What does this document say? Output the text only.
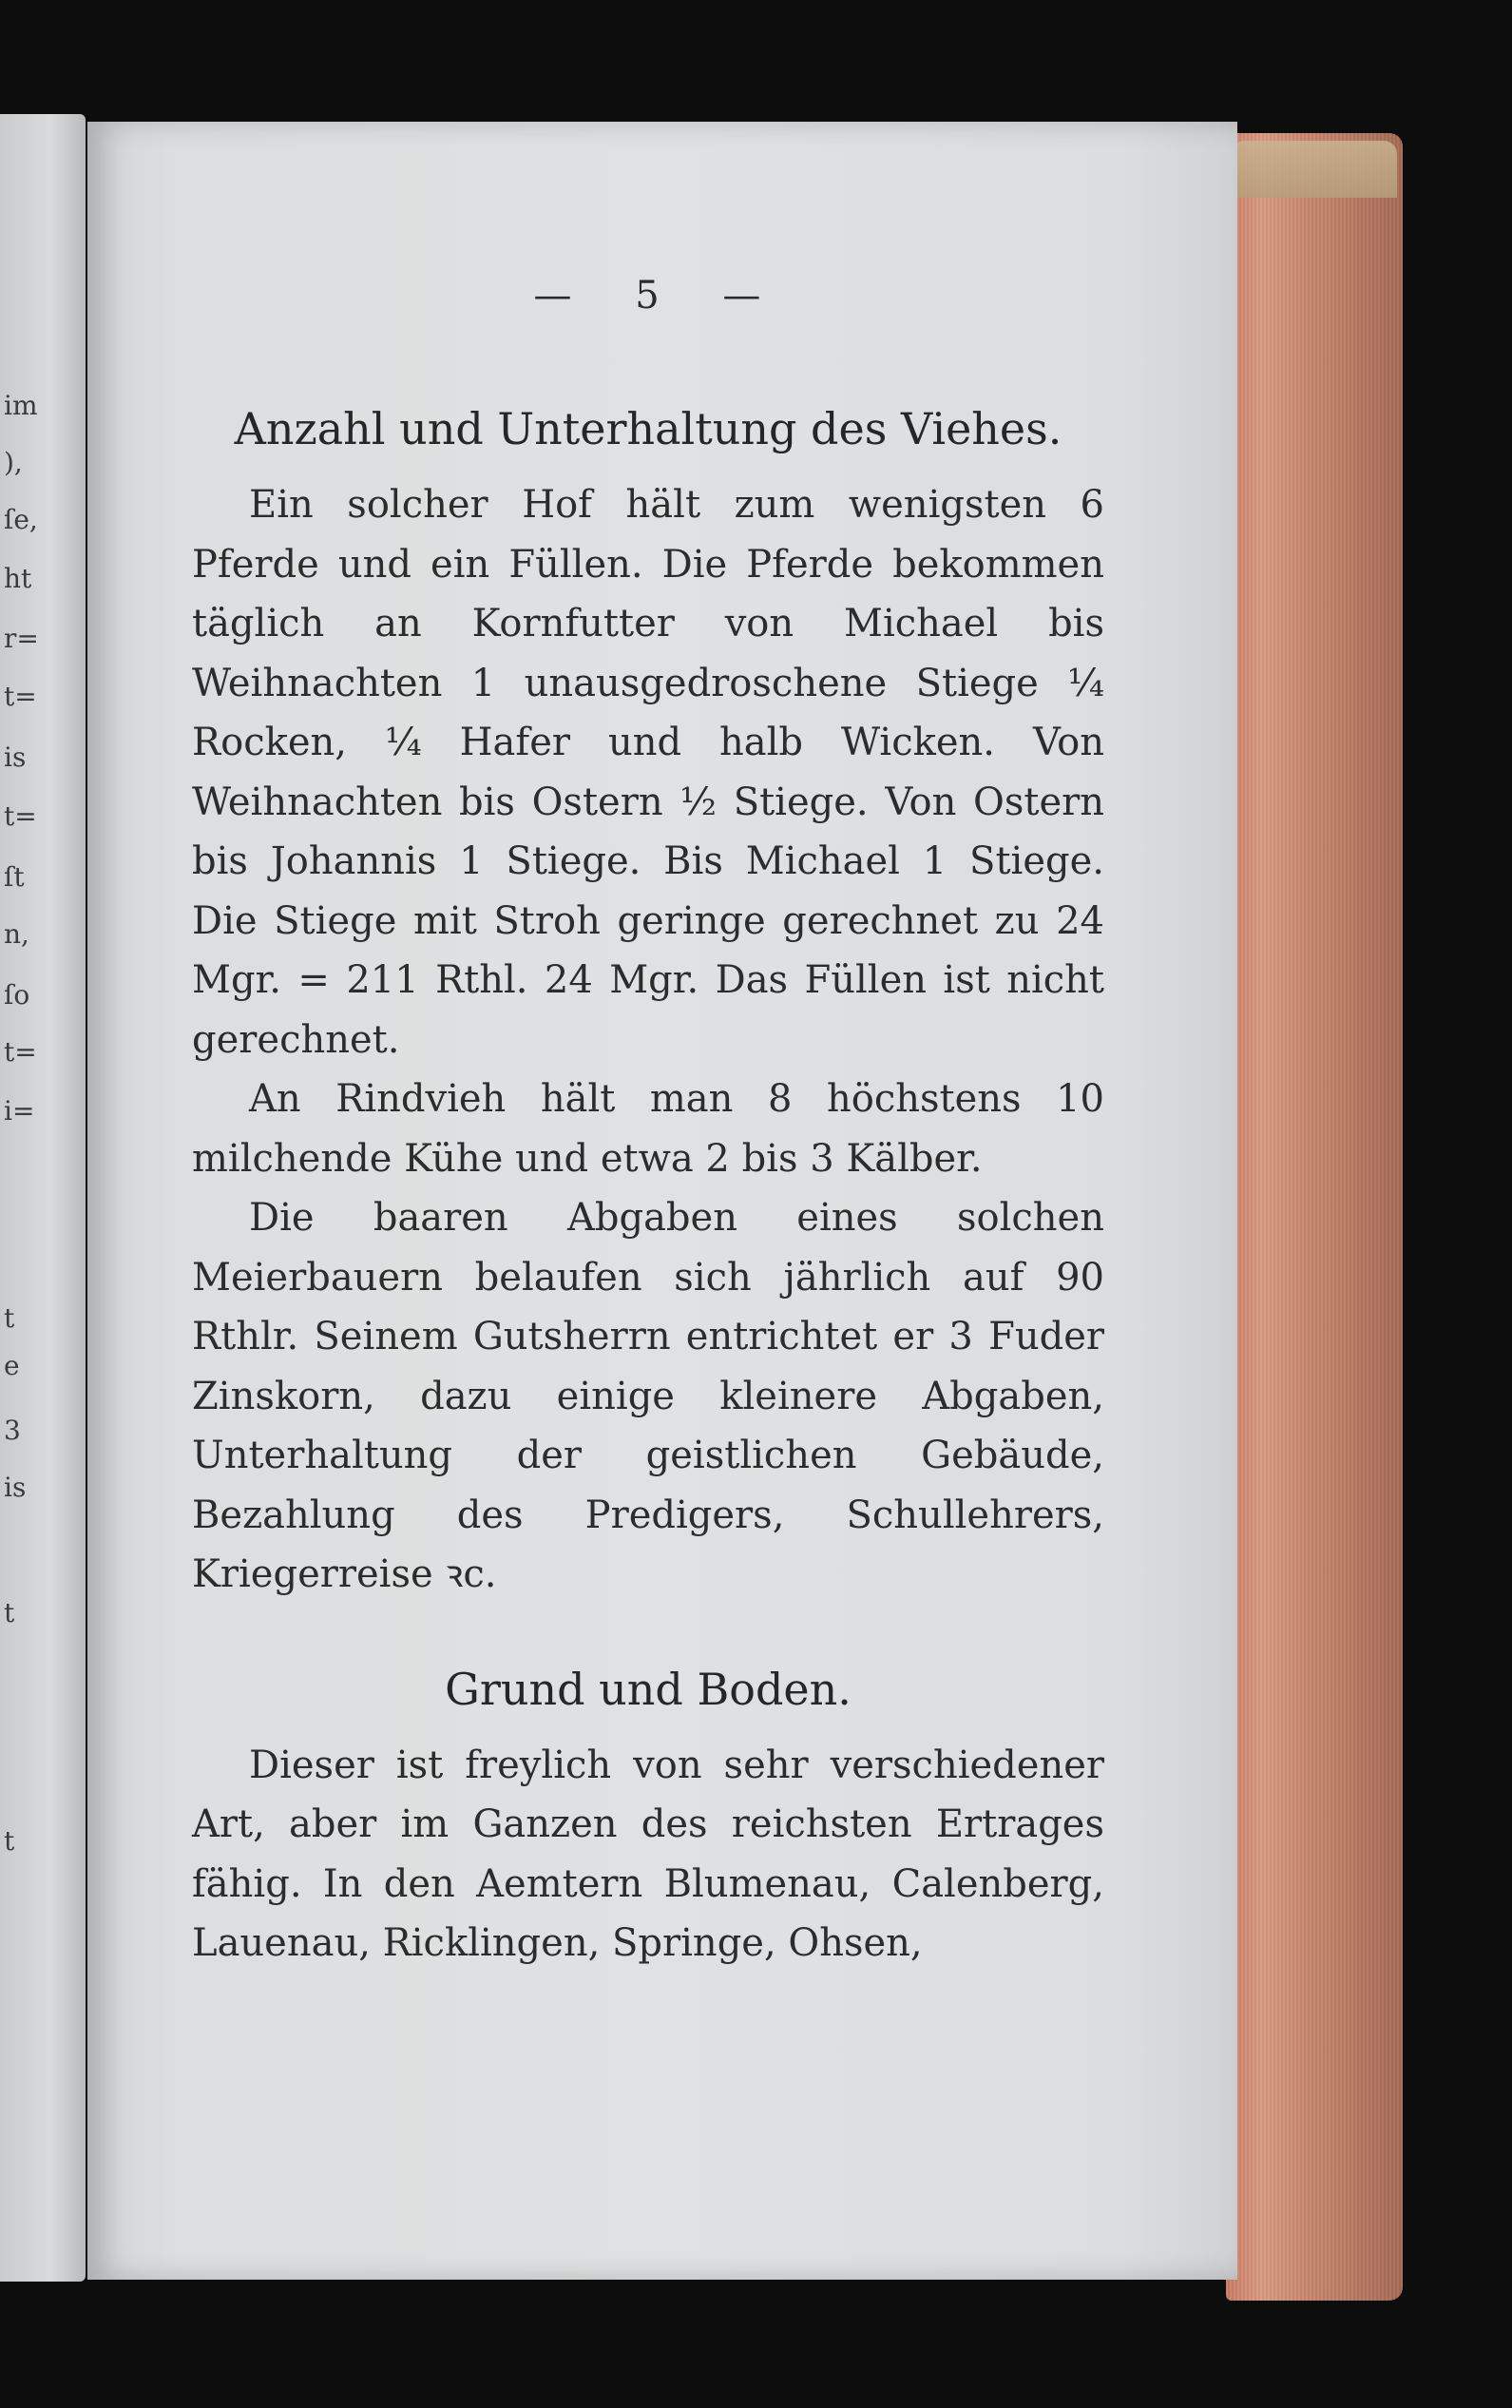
im
),
ſe,
ht
r=
t=
is
t=
ſt
n,
ſo
t=
i=
t
e
3
is
t
t
— 5 —
Anzahl und Unterhaltung des Viehes.

Ein solcher Hof hält zum wenigsten 6 Pferde und ein Füllen. Die Pferde bekommen täglich an Kornfutter von Michael bis Weihnachten 1 unausgedroschene Stiege ¼ Rocken, ¼ Hafer und halb Wicken. Von Weihnachten bis Ostern ½ Stiege. Von Ostern bis Johannis 1 Stiege. Bis Michael 1 Stiege. Die Stiege mit Stroh geringe gerechnet zu 24 Mgr. = 211 Rthl. 24 Mgr. Das Füllen ist nicht gerechnet.

An Rindvieh hält man 8 höchstens 10 milchende Kühe und etwa 2 bis 3 Kälber.

Die baaren Abgaben eines solchen Meierbauern belaufen sich jährlich auf 90 Rthlr. Seinem Gutsherrn entrichtet er 3 Fuder Zinskorn, dazu einige kleinere Abgaben, Unterhaltung der geistlichen Gebäude, Bezahlung des Predigers, Schullehrers, Kriegerreise ꝛc.

Grund und Boden.

Dieser ist freylich von sehr verschiedener Art, aber im Ganzen des reichsten Ertrages fähig. In den Aemtern Blumenau, Calenberg, Lauenau, Ricklingen, Springe, Ohsen,
